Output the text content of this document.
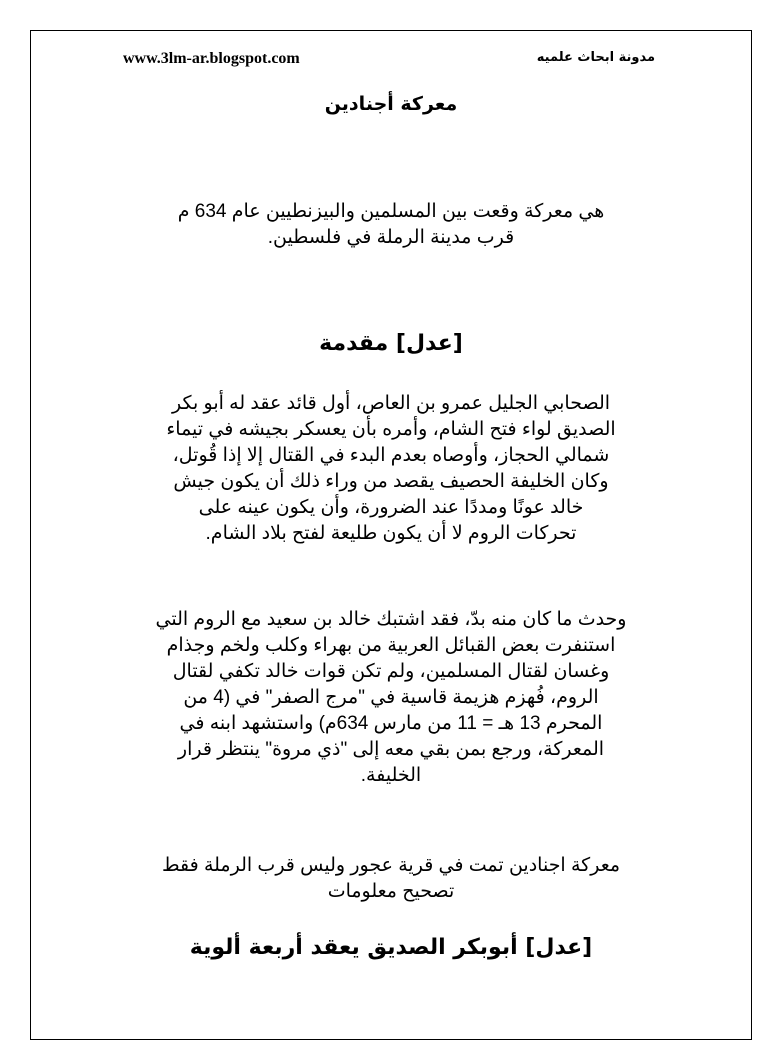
www.3lm-ar.blogspot.com	مدونة ابحاث علميه
معركة أجنادين
هي معركة وقعت بين المسلمين والبيزنطيين عام 634 م
قرب مدينة الرملة في فلسطين.
[عدل] مقدمة
الصحابي الجليل عمرو بن العاص، أول قائد عقد له أبو بكر
الصديق لواء فتح الشام، وأمره بأن يعسكر بجيشه في تيماء
شمالي الحجاز، وأوصاه بعدم البدء في القتال إلا إذا قُوتل،
وكان الخليفة الحصيف يقصد من وراء ذلك أن يكون جيش
خالد عونًا ومددًا عند الضرورة، وأن يكون عينه على
تحركات الروم لا أن يكون طليعة لفتح بلاد الشام.
وحدث ما كان منه بدّ، فقد اشتبك خالد بن سعيد مع الروم التي
استنفرت بعض القبائل العربية من بهراء وكلب ولخم وجذام
وغسان لقتال المسلمين، ولم تكن قوات خالد تكفي لقتال
الروم، فُهزم هزيمة قاسية في "مرج الصفر" في (4 من
المحرم 13 هـ = 11 من مارس 634م) واستشهد ابنه في
المعركة، ورجع بمن بقي معه إلى "ذي مروة" ينتظر قرار
الخليفة.
معركة اجنادين تمت في قرية عجور وليس قرب الرملة فقط
تصحيح معلومات
[عدل] أبوبكر الصديق يعقد أربعة ألوية
